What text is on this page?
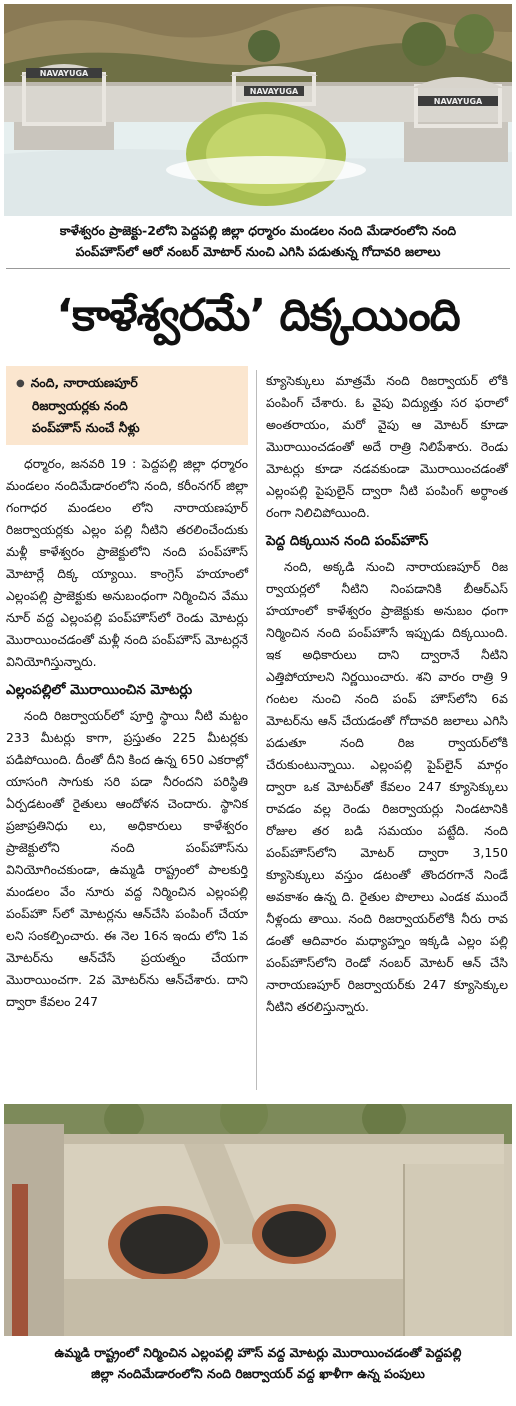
NAVAYUGA
NAVAYUGA
NAVAYUGA
కాళేశ్వరం ప్రాజెక్టు-2లోని పెద్దపల్లి జిల్లా ధర్మారం మండలం నంది మేడారంలోని నంది
పంప్‌హౌస్‌లో ఆరో నంబర్ మోటార్ నుంచి ఎగిసి పడుతున్న గోదావరి జలాలు
‘కాళేశ్వరమే’ దిక్కయింది
● నంది, నారాయణపూర్
రిజర్వాయర్లకు నంది
పంప్‌హౌస్ నుంచే నీళ్లు

ధర్మారం, జనవరి 19 : పెద్దపల్లి జిల్లా ధర్మారం మండలం నందిమేడారంలోని నంది, కరీంనగర్ జిల్లా గంగాధర మండలం లోని నారాయణపూర్ రిజర్వాయర్లకు ఎల్లం పల్లి నీటిని తరలించేందుకు మళ్లీ కాళేశ్వరం ప్రాజెక్టులోని నంది పంప్‌హౌస్ మోటార్లే దిక్క య్యాయి. కాంగ్రెస్ హయాంలో ఎల్లంపల్లి ప్రాజెక్టుకు అనుబంధంగా నిర్మించిన వేము నూర్ వద్ద ఎల్లంపల్లి పంప్‌హౌస్‌లో రెండు మోటర్లు మొరాయించడంతో మళ్లీ నంది పంప్‌హౌస్ మోటర్లనే వినియోగిస్తున్నారు.

ఎల్లంపల్లిలో మొరాయించిన మోటర్లు

నంది రిజర్వాయర్‌లో పూర్తి స్థాయి నీటి మట్టం 233 మీటర్లు కాగా, ప్రస్తుతం 225 మీటర్లకు పడిపోయింది. దీంతో దీని కింద ఉన్న 650 ఎకరాల్లో యాసంగి సాగుకు సరి పడా నీరందని పరిస్థితి ఏర్పడటంతో రైతులు ఆందోళన చెందారు. స్థానిక ప్రజాప్రతినిధు లు, అధికారులు కాళేశ్వరం ప్రాజెక్టులోని నంది పంప్‌హౌస్‌ను వినియోగించకుండా, ఉమ్మడి రాష్ట్రంలో పాలకుర్తి మండలం వేం నూరు వద్ద నిర్మించిన ఎల్లంపల్లి పంప్‌హౌ స్‌లో మోటర్లను ఆన్‌చేసి పంపింగ్ చేయా లని సంకల్పించారు. ఈ నెల 16న ఇందు లోని 1వ మోటర్‌ను ఆన్‌చేసే ప్రయత్నం చేయగా మొరాయించగా. 2వ మోటర్‌ను ఆన్‌చేశారు. దాని ద్వారా కేవలం 247

క్యూసెక్కులు మాత్రమే నంది రిజర్వాయర్ లోకి పంపింగ్ చేశారు. ఓ వైపు విద్యుత్తు సర ఫరాలో అంతరాయం, మరో వైపు ఆ మోటర్ కూడా మొరాయించడంతో అదే రాత్రి నిలిపేశారు. రెండు మోటర్లు కూడా నడవకుండా మొరాయించడంతో ఎల్లంపల్లి పైపులైన్ ద్వారా నీటి పంపింగ్ అర్థాంత రంగా నిలిచిపోయింది.

పెద్ద దిక్కయిన నంది పంప్‌హౌస్

నంది, అక్కడి నుంచి నారాయణపూర్ రిజ ర్వాయర్లలో నీటిని నింపడానికి బీఆర్‌ఎస్ హయాంలో కాళేశ్వరం ప్రాజెక్టుకు అనుబం ధంగా నిర్మించిన నంది పంప్‌హౌసే ఇప్పుడు దిక్కయింది. ఇక అధికారులు దాని ద్వారానే నీటిని ఎత్తిపోయాలని నిర్ణయించారు. శని వారం రాత్రి 9 గంటల నుంచి నంది పంప్ హౌస్‌లోని 6వ మోటర్‌ను ఆన్ చేయడంతో గోదావరి జలాలు ఎగిసి పడుతూ నంది రిజ ర్వాయర్‌లోకి చేరుకుంటున్నాయి. ఎల్లంపల్లి పైప్‌లైన్ మార్గం ద్వారా ఒక మోటర్‌తో కేవలం 247 క్యూసెక్కులు రావడం వల్ల రెండు రిజర్వాయర్లు నిండటానికి రోజుల తర బడి సమయం పట్టేది. నంది పంప్‌హౌస్‌లోని మోటర్ ద్వారా 3,150 క్యూసెక్కులు వస్తుం డటంతో తొందరగానే నిండే అవకాశం ఉన్న ది. రైతుల పొలాలు ఎండక ముందే నీళ్లందు తాయి. నంది రిజర్వాయర్‌లోకి నీరు రావ డంతో ఆదివారం మధ్యాహ్నం ఇక్కడి ఎల్లం పల్లి పంప్‌హౌస్‌లోని రెండో నంబర్ మోటర్ ఆన్ చేసి నారాయణపూర్ రిజర్వాయర్‌కు 247 క్యూసెక్కుల నీటిని తరలిస్తున్నారు.

ఉమ్మడి రాష్ట్రంలో నిర్మించిన ఎల్లంపల్లి హౌస్ వద్ద మోటర్లు మొరాయించడంతో పెద్దపల్లి
జిల్లా నందిమేడారంలోని నంది రిజర్వాయర్ వద్ద ఖాళీగా ఉన్న పంపులు
